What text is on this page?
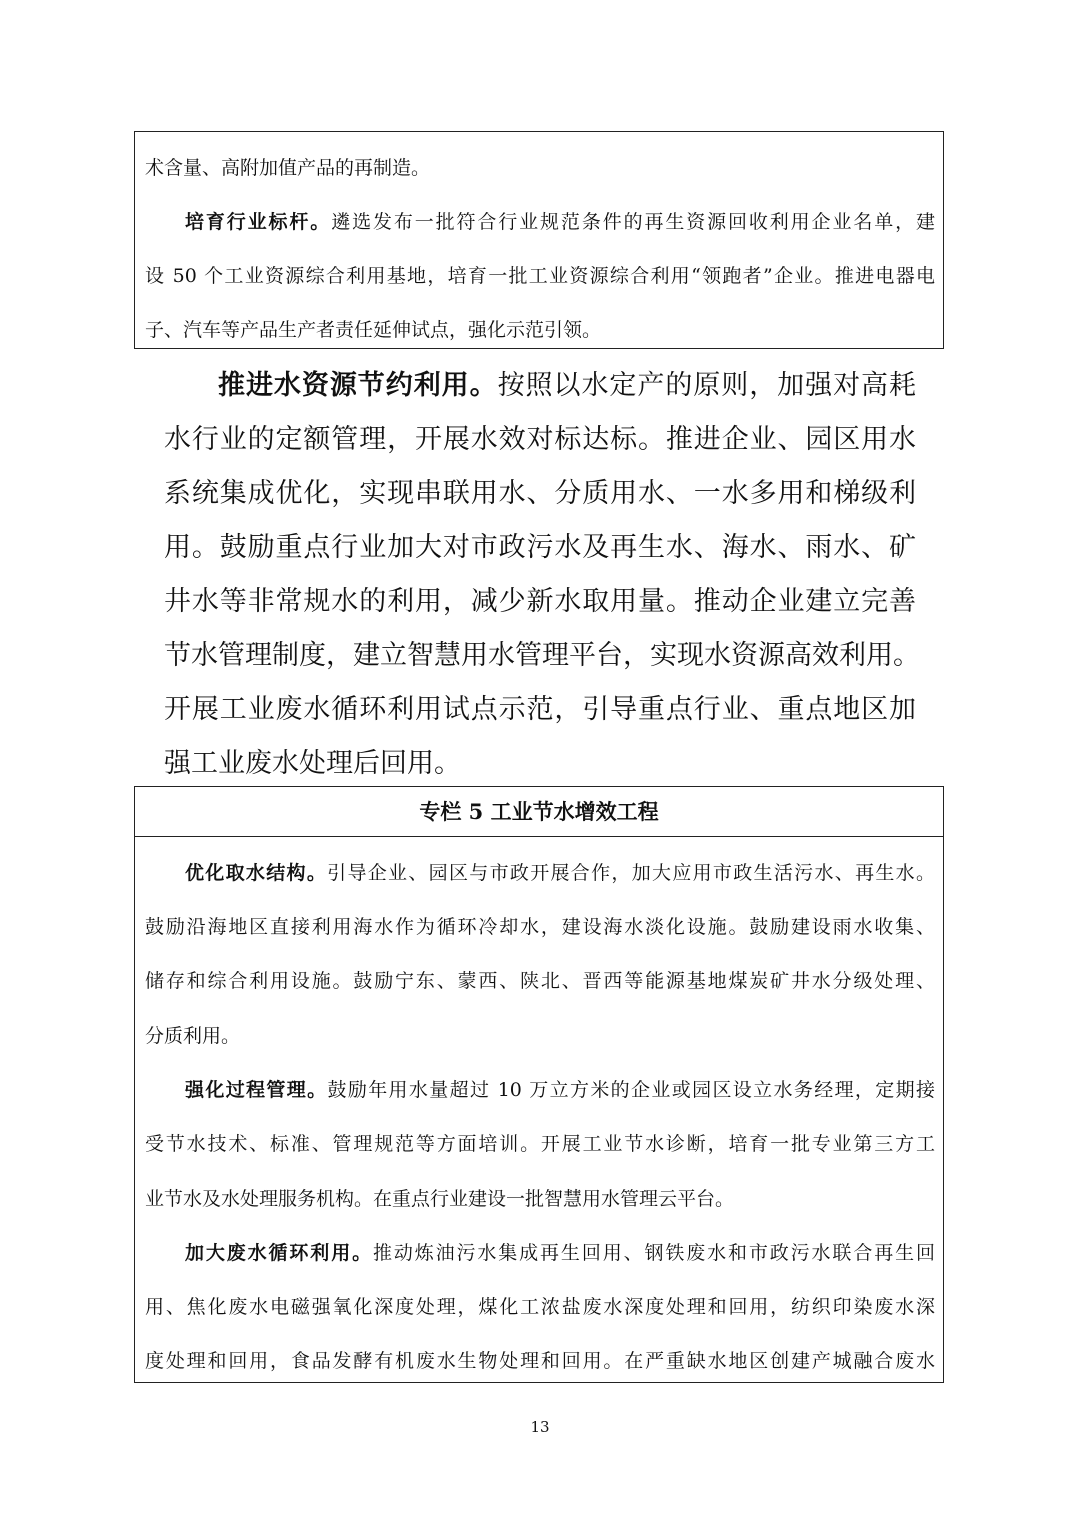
术含量、高附加值产品的再制造。
培育行业标杆。遴选发布一批符合行业规范条件的再生资源回收利用企业名单，建
设 50 个工业资源综合利用基地，培育一批工业资源综合利用“领跑者”企业。推进电器电
子、汽车等产品生产者责任延伸试点，强化示范引领。
推进水资源节约利用。按照以水定产的原则，加强对高耗
水行业的定额管理，开展水效对标达标。推进企业、园区用水
系统集成优化，实现串联用水、分质用水、一水多用和梯级利
用。鼓励重点行业加大对市政污水及再生水、海水、雨水、矿
井水等非常规水的利用，减少新水取用量。推动企业建立完善
节水管理制度，建立智慧用水管理平台，实现水资源高效利用。
开展工业废水循环利用试点示范，引导重点行业、重点地区加
强工业废水处理后回用。
专栏 5 工业节水增效工程
优化取水结构。引导企业、园区与市政开展合作，加大应用市政生活污水、再生水。
鼓励沿海地区直接利用海水作为循环冷却水，建设海水淡化设施。鼓励建设雨水收集、
储存和综合利用设施。鼓励宁东、蒙西、陕北、晋西等能源基地煤炭矿井水分级处理、
分质利用。
强化过程管理。鼓励年用水量超过 10 万立方米的企业或园区设立水务经理，定期接
受节水技术、标准、管理规范等方面培训。开展工业节水诊断，培育一批专业第三方工
业节水及水处理服务机构。在重点行业建设一批智慧用水管理云平台。
加大废水循环利用。推动炼油污水集成再生回用、钢铁废水和市政污水联合再生回
用、焦化废水电磁强氧化深度处理，煤化工浓盐废水深度处理和回用，纺织印染废水深
度处理和回用，食品发酵有机废水生物处理和回用。在严重缺水地区创建产城融合废水
13
